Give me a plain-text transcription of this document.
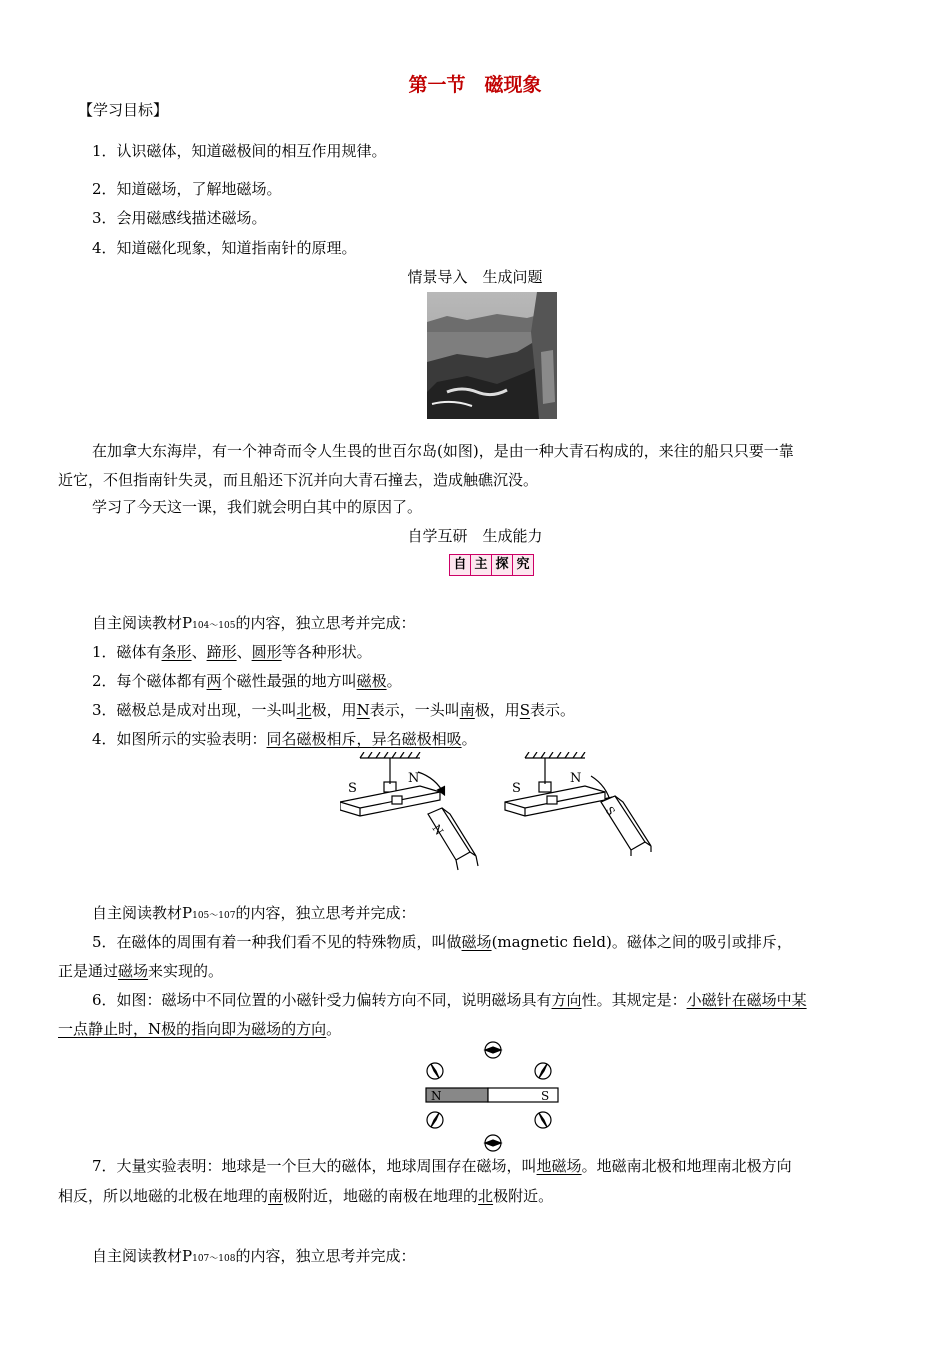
第一节　磁现象
【学习目标】
1．认识磁体，知道磁极间的相互作用规律。
2．知道磁场，了解地磁场。
3．会用磁感线描述磁场。
4．知道磁化现象，知道指南针的原理。
情景导入　生成问题
在加拿大东海岸，有一个神奇而令人生畏的世百尔岛(如图)，是由一种大青石构成的，来往的船只只要一靠
近它，不但指南针失灵，而且船还下沉并向大青石撞去，造成触礁沉没。
学习了今天这一课，我们就会明白其中的原因了。
自学互研　生成能力
自 主 探 究
自主阅读教材P104～105的内容，独立思考并完成：
1．磁体有条形、蹄形、圆形等各种形状。
2．每个磁体都有两个磁性最强的地方叫磁极。
3．磁极总是成对出现，一头叫北极，用N表示，一头叫南极，用S表示。
4．如图所示的实验表明：同名磁极相斥，异名磁极相吸。
S
N
N
S
N
S
自主阅读教材P105～107的内容，独立思考并完成：
5．在磁体的周围有着一种我们看不见的特殊物质，叫做磁场(magnetic field)。磁体之间的吸引或排斥，
正是通过磁场来实现的。
6．如图：磁场中不同位置的小磁针受力偏转方向不同，说明磁场具有方向性。其规定是：小磁针在磁场中某
一点静止时，N极的指向即为磁场的方向。
N	S
7．大量实验表明：地球是一个巨大的磁体，地球周围存在磁场，叫地磁场。地磁南北极和地理南北极方向
相反，所以地磁的北极在地理的南极附近，地磁的南极在地理的北极附近。
自主阅读教材P107～108的内容，独立思考并完成：
